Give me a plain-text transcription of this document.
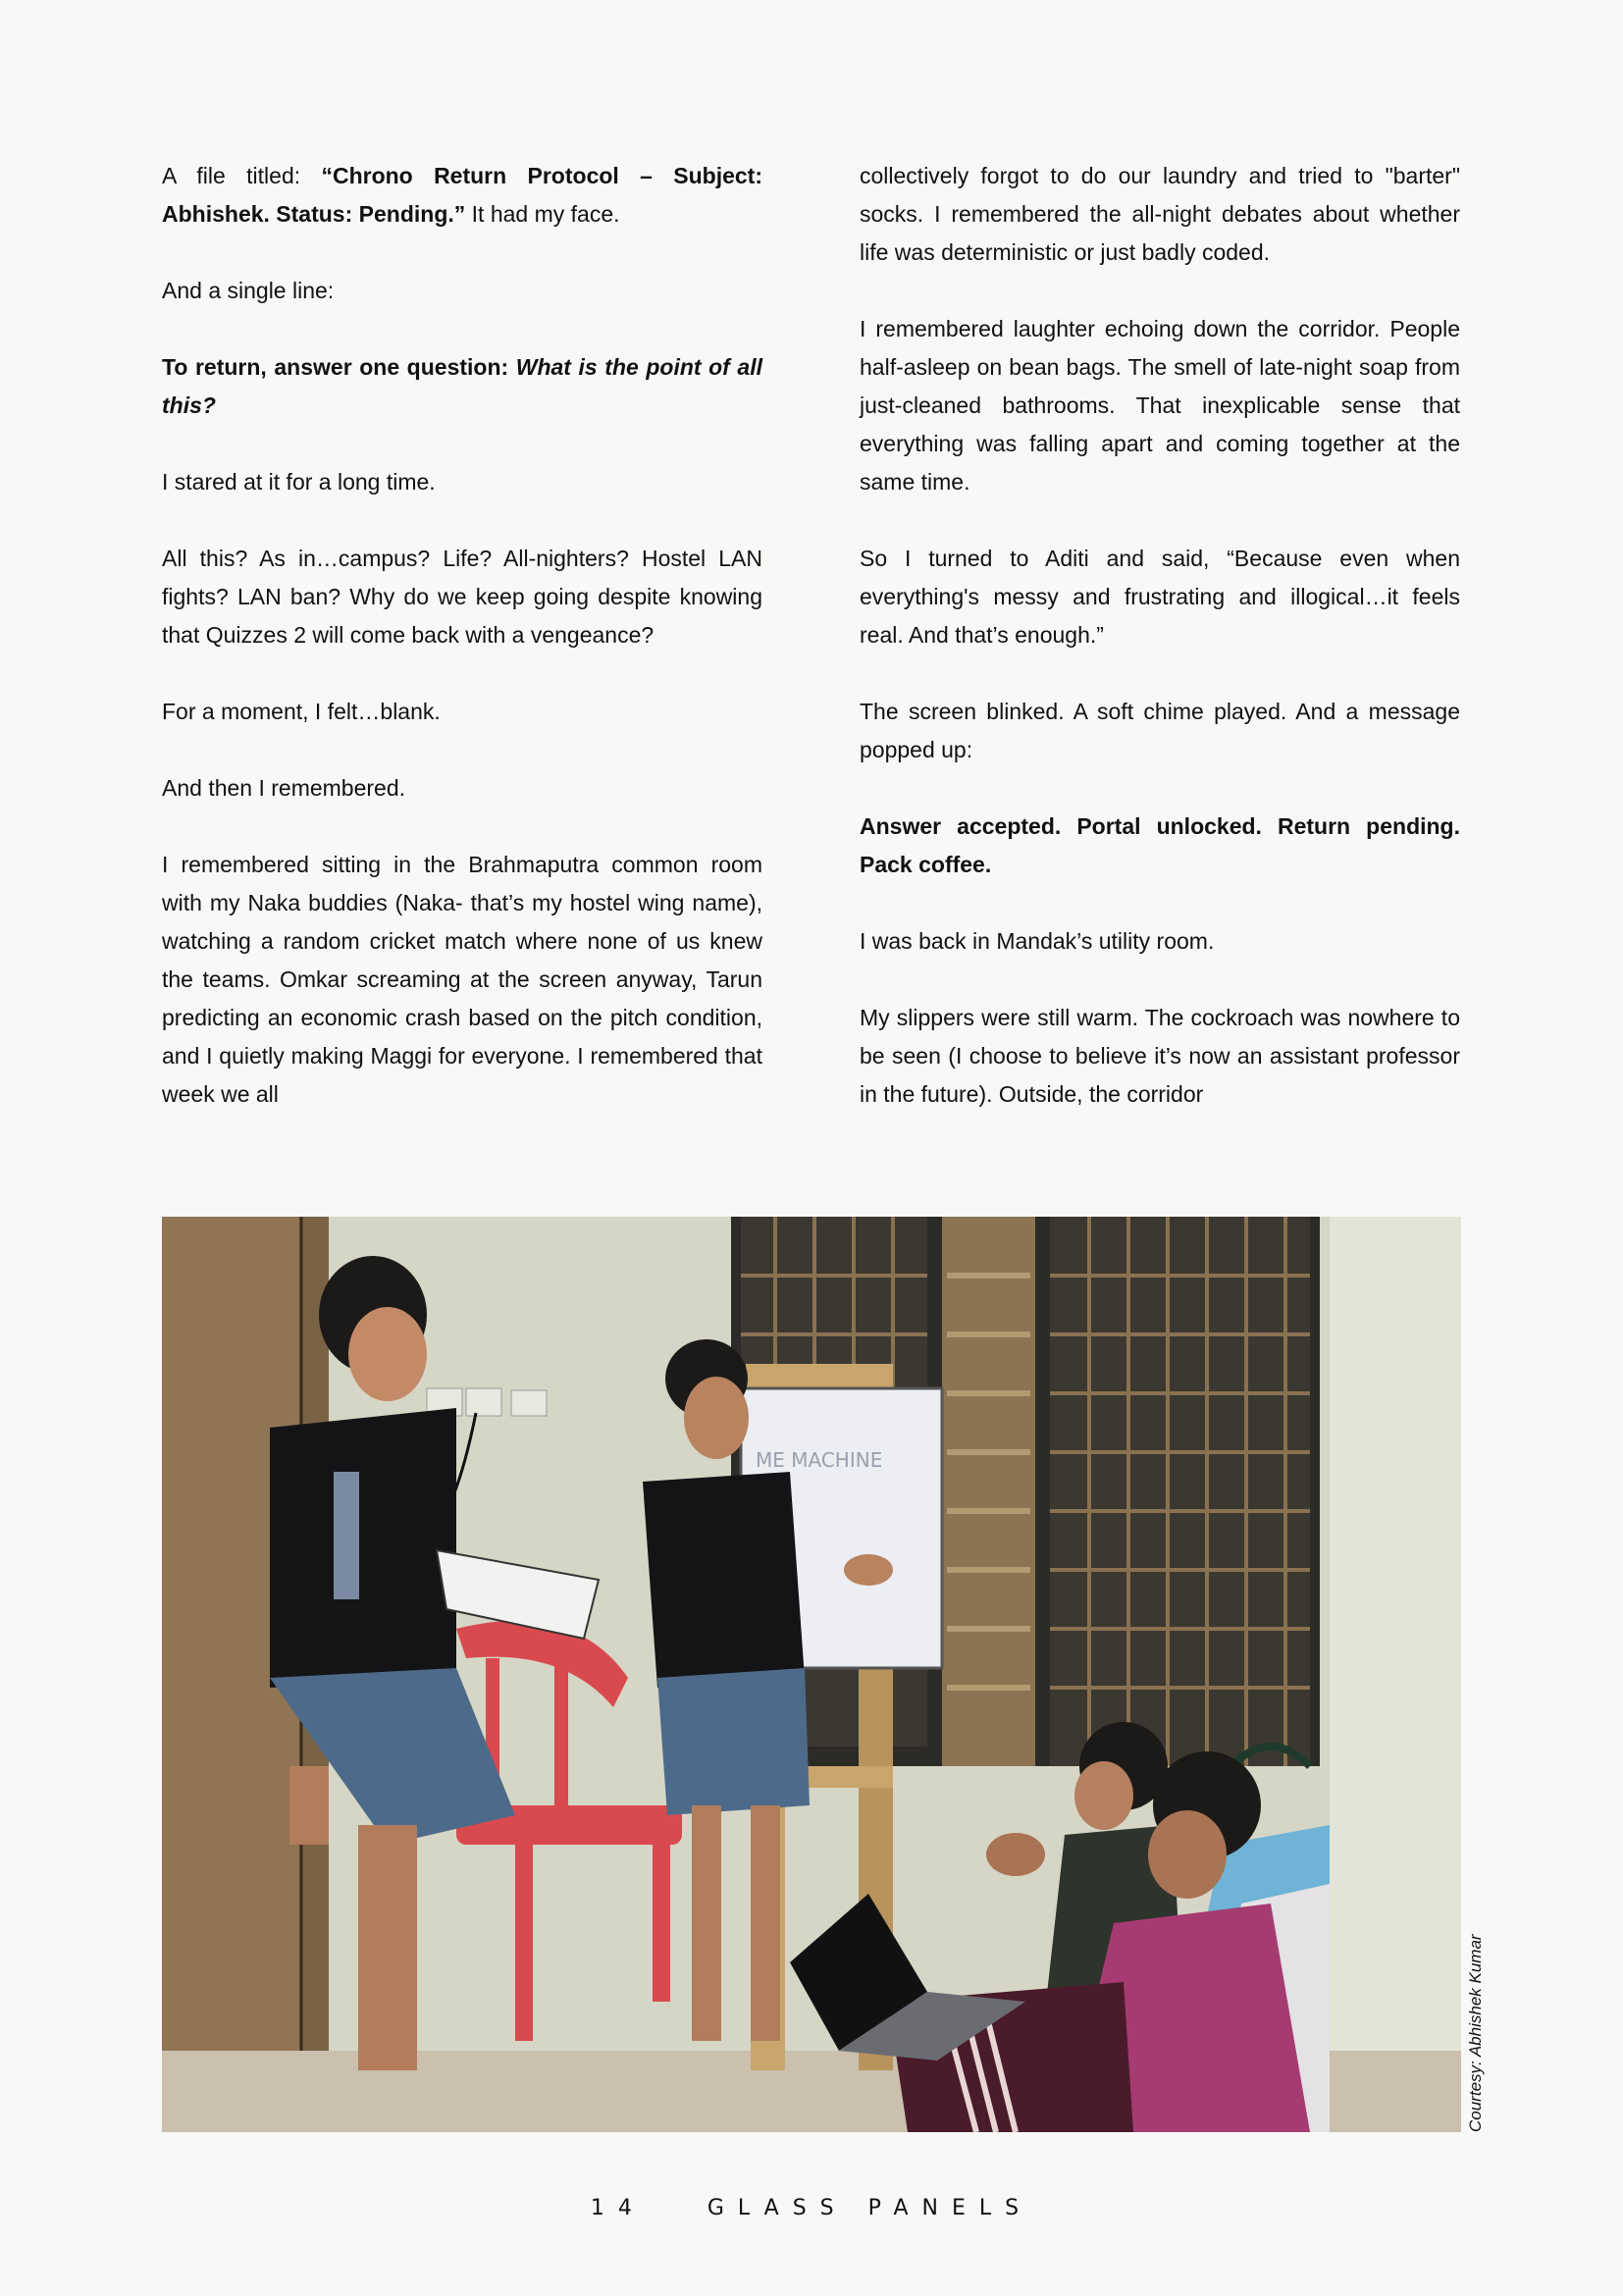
A file titled: “Chrono Return Protocol – Subject: Abhishek. Status: Pending.” It had my face.

And a single line:

To return, answer one question: What is the point of all this?

I stared at it for a long time.

All this? As in…campus? Life? All-nighters? Hostel LAN fights? LAN ban? Why do we keep going despite knowing that Quizzes 2 will come back with a vengeance?

For a moment, I felt…blank.

And then I remembered.

I remembered sitting in the Brahmaputra common room with my Naka buddies (Naka- that’s my hostel wing name), watching a random cricket match where none of us knew the teams. Omkar screaming at the screen anyway, Tarun predicting an economic crash based on the pitch condition, and I quietly making Maggi for everyone. I remembered that week we all

collectively forgot to do our laundry and tried to "barter" socks. I remembered the all-night debates about whether life was deterministic or just badly coded.

I remembered laughter echoing down the corridor. People half-asleep on bean bags. The smell of late-night soap from just-cleaned bathrooms. That inexplicable sense that everything was falling apart and coming together at the same time.

So I turned to Aditi and said, “Because even when everything's messy and frustrating and illogical…it feels real. And that’s enough.”

The screen blinked. A soft chime played. And a message popped up:

Answer accepted. Portal unlocked. Return pending. Pack coffee.

I was back in Mandak’s utility room.

My slippers were still warm. The cockroach was nowhere to be seen (I choose to believe it’s now an assistant professor in the future). Outside, the corridor

ME MACHINE
Courtesy: Abhishek Kumar
14	GLASS PANELS
